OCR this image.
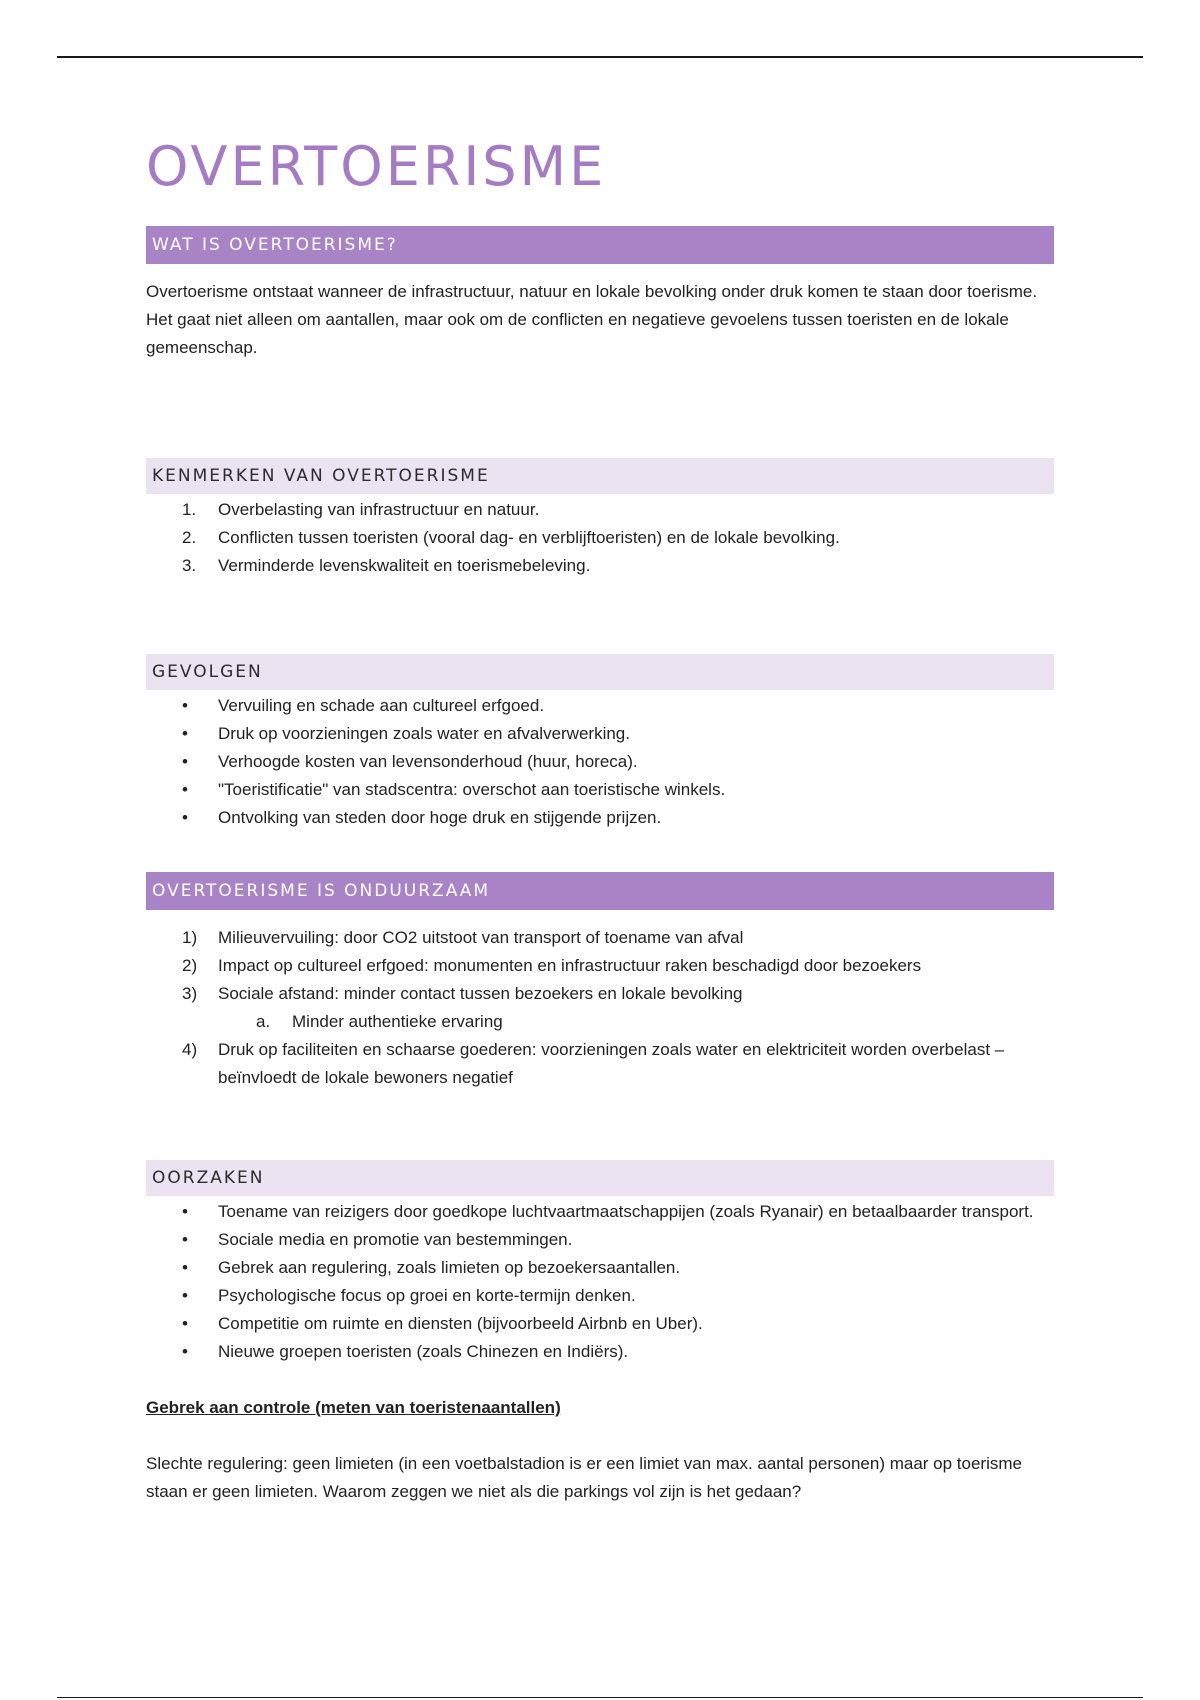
OVERTOERISME
WAT IS OVERTOERISME?

Overtoerisme ontstaat wanneer de infrastructuur, natuur en lokale bevolking onder druk komen te staan door toerisme. Het gaat niet alleen om aantallen, maar ook om de conflicten en negatieve gevoelens tussen toeristen en de lokale gemeenschap.

KENMERKEN VAN OVERTOERISME
1.	Overbelasting van infrastructuur en natuur.
2.	Conflicten tussen toeristen (vooral dag- en verblijftoeristen) en de lokale bevolking.
3.	Verminderde levenskwaliteit en toerismebeleving.
GEVOLGEN
•	Vervuiling en schade aan cultureel erfgoed.
•	Druk op voorzieningen zoals water en afvalverwerking.
•	Verhoogde kosten van levensonderhoud (huur, horeca).
•	"Toeristificatie" van stadscentra: overschot aan toeristische winkels.
•	Ontvolking van steden door hoge druk en stijgende prijzen.
OVERTOERISME IS ONDUURZAAM
1)	Milieuvervuiling: door CO2 uitstoot van transport of toename van afval
2)	Impact op cultureel erfgoed: monumenten en infrastructuur raken beschadigd door bezoekers
3)	Sociale afstand: minder contact tussen bezoekers en lokale bevolking
a.	Minder authentieke ervaring
4)	Druk op faciliteiten en schaarse goederen: voorzieningen zoals water en elektriciteit worden overbelast – beïnvloedt de lokale bewoners negatief
OORZAKEN
•	Toename van reizigers door goedkope luchtvaartmaatschappijen (zoals Ryanair) en betaalbaarder transport.
•	Sociale media en promotie van bestemmingen.
•	Gebrek aan regulering, zoals limieten op bezoekersaantallen.
•	Psychologische focus op groei en korte-termijn denken.
•	Competitie om ruimte en diensten (bijvoorbeeld Airbnb en Uber).
•	Nieuwe groepen toeristen (zoals Chinezen en Indiërs).

Gebrek aan controle (meten van toeristenaantallen)

Slechte regulering: geen limieten (in een voetbalstadion is er een limiet van max. aantal personen) maar op toerisme staan er geen limieten. Waarom zeggen we niet als die parkings vol zijn is het gedaan?
